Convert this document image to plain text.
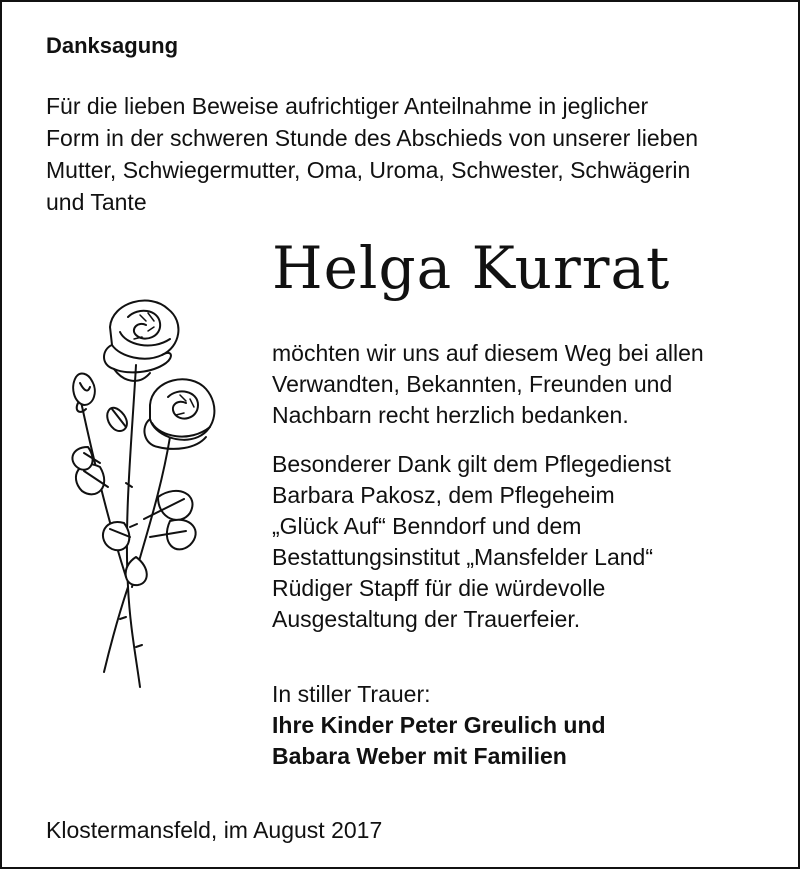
Danksagung
Für die lieben Beweise aufrichtiger Anteilnahme in jeglicher
Form in der schweren Stunde des Abschieds von unserer lieben
Mutter, Schwiegermutter, Oma, Uroma, Schwester, Schwägerin
und Tante
Helga Kurrat
möchten wir uns auf diesem Weg bei allen
Verwandten, Bekannten, Freunden und
Nachbarn recht herzlich bedanken.
Besonderer Dank gilt dem Pflegedienst
Barbara Pakosz, dem Pflegeheim
„Glück Auf“ Benndorf und dem
Bestattungsinstitut „Mansfelder Land“
Rüdiger Stapff für die würdevolle
Ausgestaltung der Trauerfeier.
In stiller Trauer:
Ihre Kinder Peter Greulich und
Babara Weber mit Familien
Klostermansfeld, im August 2017
